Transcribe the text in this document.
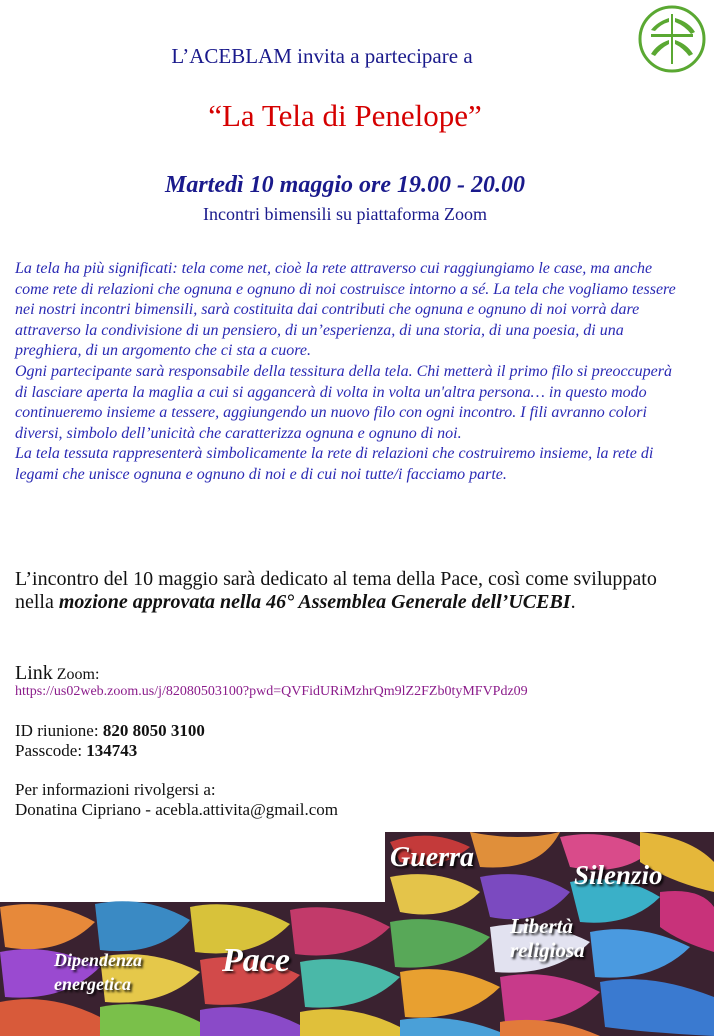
L’ACEBLAM invita a partecipare a
“La Tela di Penelope”
Martedì 10 maggio ore 19.00 - 20.00
Incontri bimensili su piattaforma Zoom

La tela ha più significati: tela come net, cioè la rete attraverso cui raggiungiamo le case, ma anche come rete di relazioni che ognuna e ognuno di noi costruisce intorno a sé. La tela che vogliamo tessere nei nostri incontri bimensili, sarà costituita dai contributi che ognuna e ognuno di noi vorrà dare attraverso la condivisione di un pensiero, di un’esperienza, di una storia, di una poesia, di una preghiera, di un argomento che ci sta a cuore.

Ogni partecipante sarà responsabile della tessitura della tela. Chi metterà il primo filo si preoccuperà di lasciare aperta la maglia a cui si aggancerà di volta in volta un'altra persona… in questo modo continueremo insieme a tessere, aggiungendo un nuovo filo con ogni incontro. I fili avranno colori diversi, simbolo dell’unicità che caratterizza ognuna e ognuno di noi.

La tela tessuta rappresenterà simbolicamente la rete di relazioni che costruiremo insieme, la rete di legami che unisce ognuna e ognuno di noi e di cui noi tutte/i facciamo parte.

L’incontro del 10 maggio sarà dedicato al tema della Pace, così come sviluppato nella mozione approvata nella 46° Assemblea Generale dell’UCEBI.
Link Zoom:
https://us02web.zoom.us/j/82080503100?pwd=QVFidURiMzhrQm9lZ2FZb0tyMFVPdz09
ID riunione: 820 8050 3100
Passcode: 134743
Per informazioni rivolgersi a:
Donatina Cipriano - acebla.attivita@gmail.com
Guerra
Silenzio
Libertà
religiosa
Pace
Dipendenza
energetica
